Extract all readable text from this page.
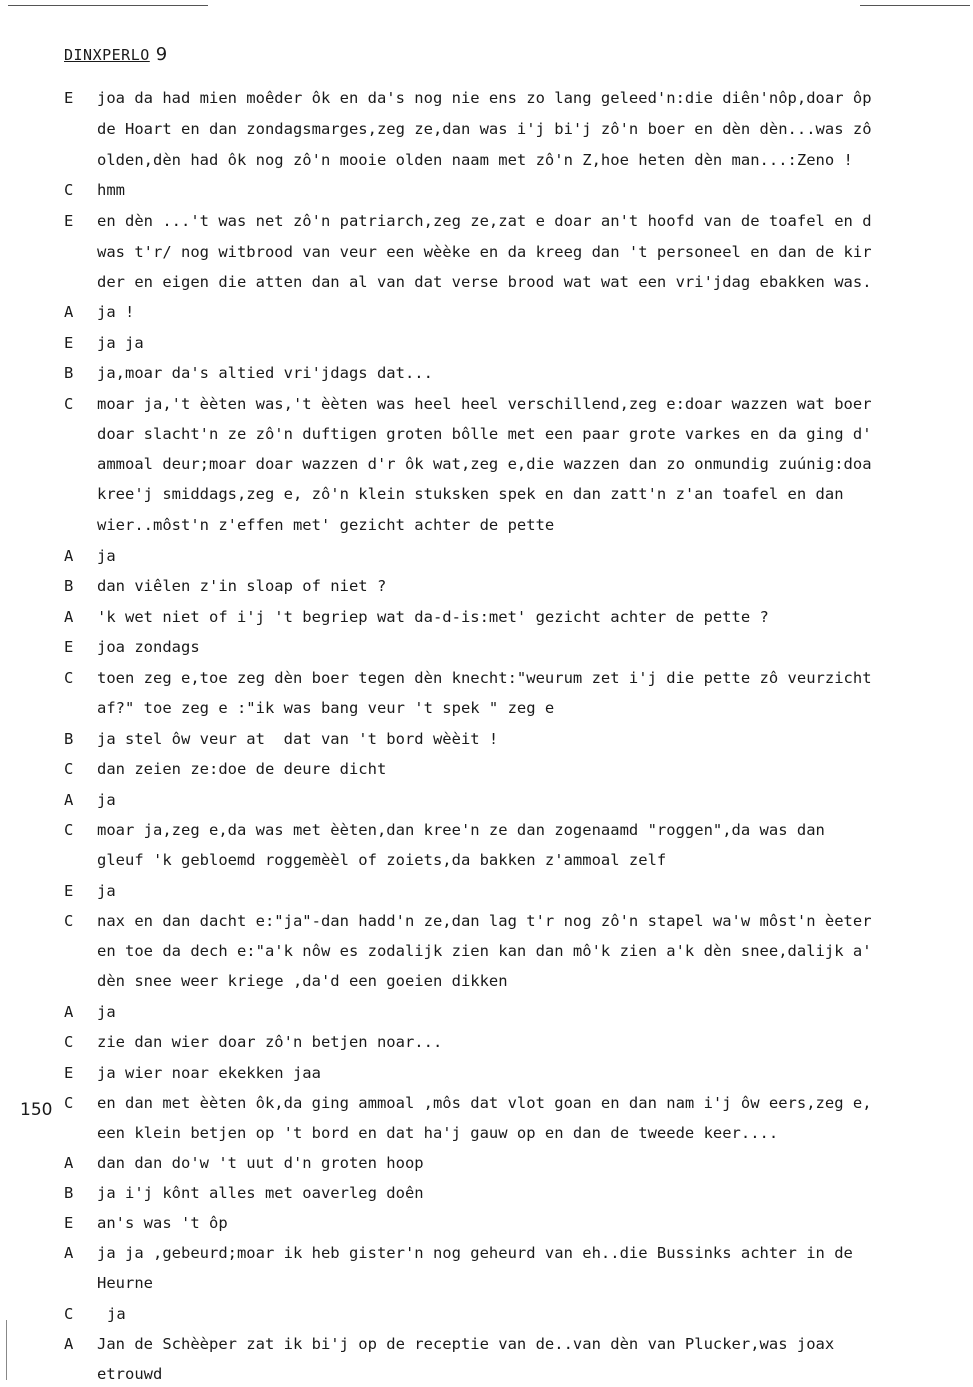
DINXPERLO 9
150
E	joa da had mien moêder ôk en da's nog nie ens zo lang geleed'n:die diên'nôp,doar ôp
de Hoart en dan zondagsmarges,zeg ze,dan was i'j bi'j zô'n boer en dèn dèn...was zô
olden,dèn had ôk nog zô'n mooie olden naam met zô'n Z,hoe heten dèn man...:Zeno !
C	hmm
E	en dèn ...'t was net zô'n patriarch,zeg ze,zat e doar an't hoofd van de toafel en d
was t'r/ nog witbrood van veur een wèèke en da kreeg dan 't personeel en dan de kir
der en eigen die atten dan al van dat verse brood wat wat een vri'jdag ebakken was.
A	ja !
E	ja ja
B	ja,moar da's altied vri'jdags dat...
C	moar ja,'t èèten was,'t èèten was heel heel verschillend,zeg e:doar wazzen wat boer
doar slacht'n ze zô'n duftigen groten bôlle met een paar grote varkes en da ging d'
ammoal deur;moar doar wazzen d'r ôk wat,zeg e,die wazzen dan zo onmundig zuúnig:doa
kree'j smiddags,zeg e, zô'n klein stuksken spek en dan zatt'n z'an toafel en dan
wier..môst'n z'effen met' gezicht achter de pette
A	ja
B	dan viêlen z'in sloap of niet ?
A	'k wet niet of i'j 't begriep wat da-d-is:met' gezicht achter de pette ?
E	joa zondags
C	toen zeg e,toe zeg dèn boer tegen dèn knecht:"weurum zet i'j die pette zô veurzicht
af?" toe zeg e :"ik was bang veur 't spek " zeg e
B	ja stel ôw veur at  dat van 't bord wèèit !
C	dan zeien ze:doe de deure dicht
A	ja
C	moar ja,zeg e,da was met èèten,dan kree'n ze dan zogenaamd "roggen",da was dan
gleuf 'k gebloemd roggemèèl of zoiets,da bakken z'ammoal zelf
E	ja
C	nax en dan dacht e:"ja"-dan hadd'n ze,dan lag t'r nog zô'n stapel wa'w môst'n èeter
en toe da dech e:"a'k nôw es zodalijk zien kan dan mô'k zien a'k dèn snee,dalijk a'
dèn snee weer kriege ,da'd een goeien dikken
A	ja
C	zie dan wier doar zô'n betjen noar...
E	ja wier noar ekekken jaa
C	en dan met èèten ôk,da ging ammoal ,môs dat vlot goan en dan nam i'j ôw eers,zeg e,
een klein betjen op 't bord en dat ha'j gauw op en dan de tweede keer....
A	dan dan do'w 't uut d'n groten hoop
B	ja i'j kônt alles met oaverleg doên
E	an's was 't ôp
A	ja ja ,gebeurd;moar ik heb gister'n nog geheurd van eh..die Bussinks achter in de
Heurne
C	ja
A	Jan de Schèèper zat ik bi'j op de receptie van de..van dèn van Plucker,was joax
etrouwd
